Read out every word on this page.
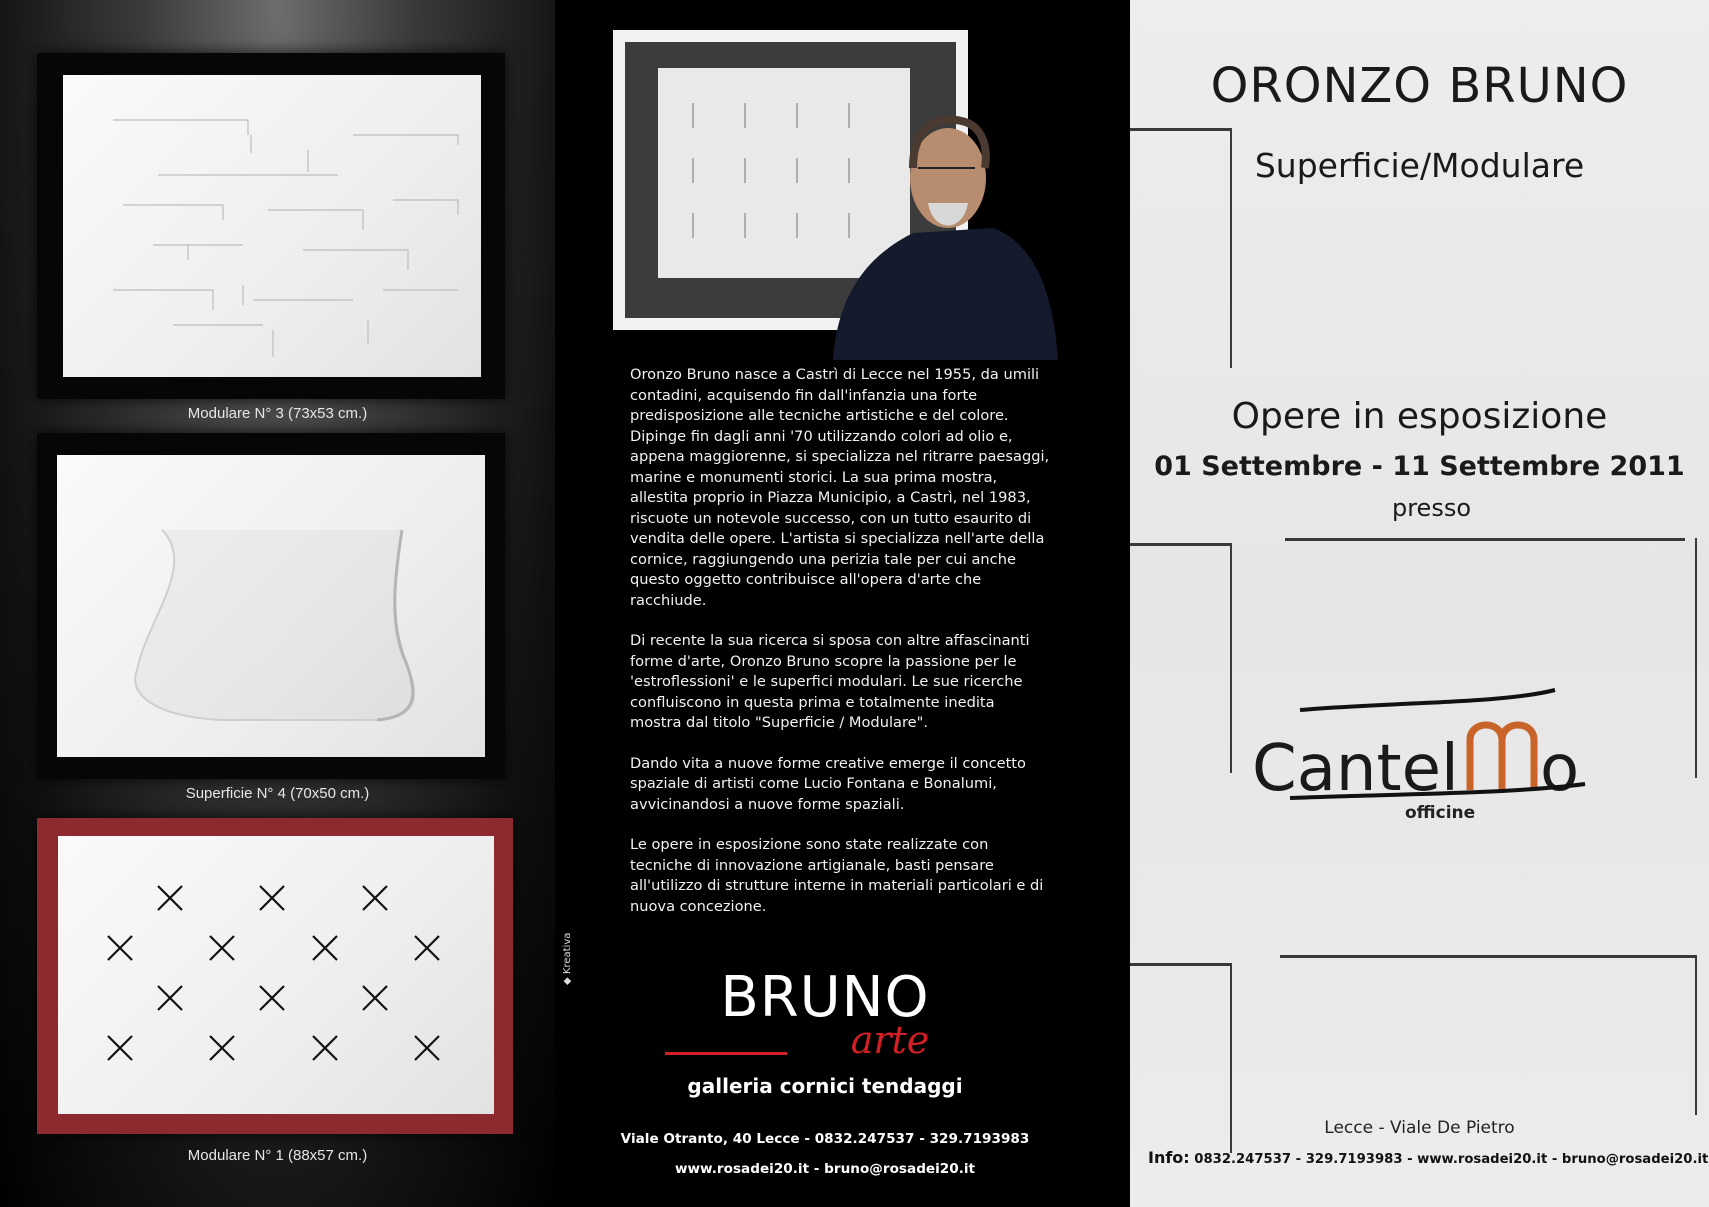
Modulare N° 3 (73x53 cm.)
Superficie N° 4 (70x50 cm.)
Modulare N° 1 (88x57 cm.)

Oronzo Bruno nasce a Castrì di Lecce nel 1955, da umili contadini, acquisendo fin dall'infanzia una forte predisposizione alle tecniche artistiche e del colore. Dipinge fin dagli anni '70 utilizzando colori ad olio e, appena maggiorenne, si specializza nel ritrarre paesaggi, marine e monumenti storici. La sua prima mostra, allestita proprio in Piazza Municipio, a Castrì, nel 1983, riscuote un notevole successo, con un tutto esaurito di vendita delle opere. L'artista si specializza nell'arte della cornice, raggiungendo una perizia tale per cui anche questo oggetto contribuisce all'opera d'arte che racchiude.

Di recente la sua ricerca si sposa con altre affascinanti forme d'arte, Oronzo Bruno scopre la passione per le 'estroflessioni' e le superfici modulari. Le sue ricerche confluiscono in questa prima e totalmente inedita mostra dal titolo "Superficie / Modulare".

Dando vita a nuove forme creative emerge il concetto spaziale di artisti come Lucio Fontana e Bonalumi, avvicinandosi a nuove forme spaziali.

Le opere in esposizione sono state realizzate con tecniche di innovazione artigianale, basti pensare all'utilizzo di strutture interne in materiali particolari e di nuova concezione.

BRUNO
arte
galleria cornici tendaggi
Viale Otranto, 40 Lecce - 0832.247537 - 329.7193983
www.rosadei20.it - bruno@rosadei20.it
◆ Kreativa
ORONZO BRUNO
Superficie/Modulare
Opere in esposizione
01 Settembre - 11 Settembre 2011
presso
Cantel o
officine
Lecce - Viale De Pietro
Info: 0832.247537 - 329.7193983 - www.rosadei20.it - bruno@rosadei20.it
